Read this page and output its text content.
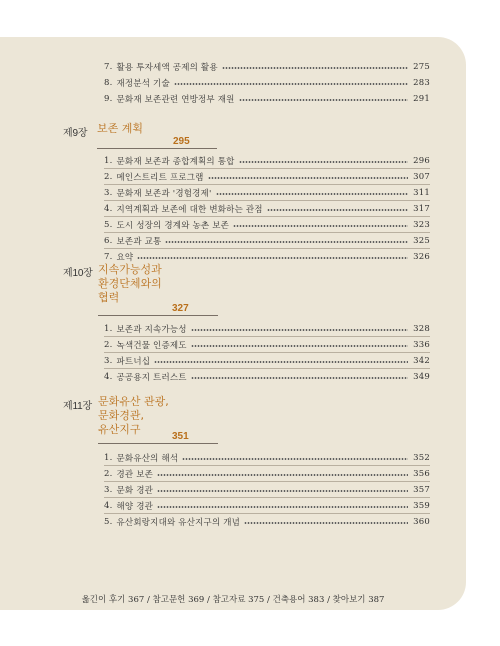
7. 활용 투자세액 공제의 활용	275
8. 재정분석 기술	283
9. 문화재 보존관련 연방정부 재원	291
제9장 보존 계획
295
1. 문화재 보존과 종합계획의 통합	296
2. 메인스트리트 프로그램	307
3. 문화재 보존과 '경험경제'	311
4. 지역계획과 보존에 대한 변화하는 관점	317
5. 도시 성장의 경계와 농촌 보존	323
6. 보존과 교통	325
7. 요약	326
제10장 지속가능성과
환경단체와의
협력
327
1. 보존과 지속가능성	328
2. 녹색건물 인증제도	336
3. 파트너십	342
4. 공공용지 트러스트	349
제11장 문화유산 관광,
문화경관,
유산지구
351
1. 문화유산의 해석	352
2. 경관 보존	356
3. 문화 경관	357
4. 해양 경관	359
5. 유산회랑지대와 유산지구의 개념	360
옮긴이 후기 367 / 참고문헌 369 / 참고자료 375 / 건축용어 383 / 찾아보기 387
